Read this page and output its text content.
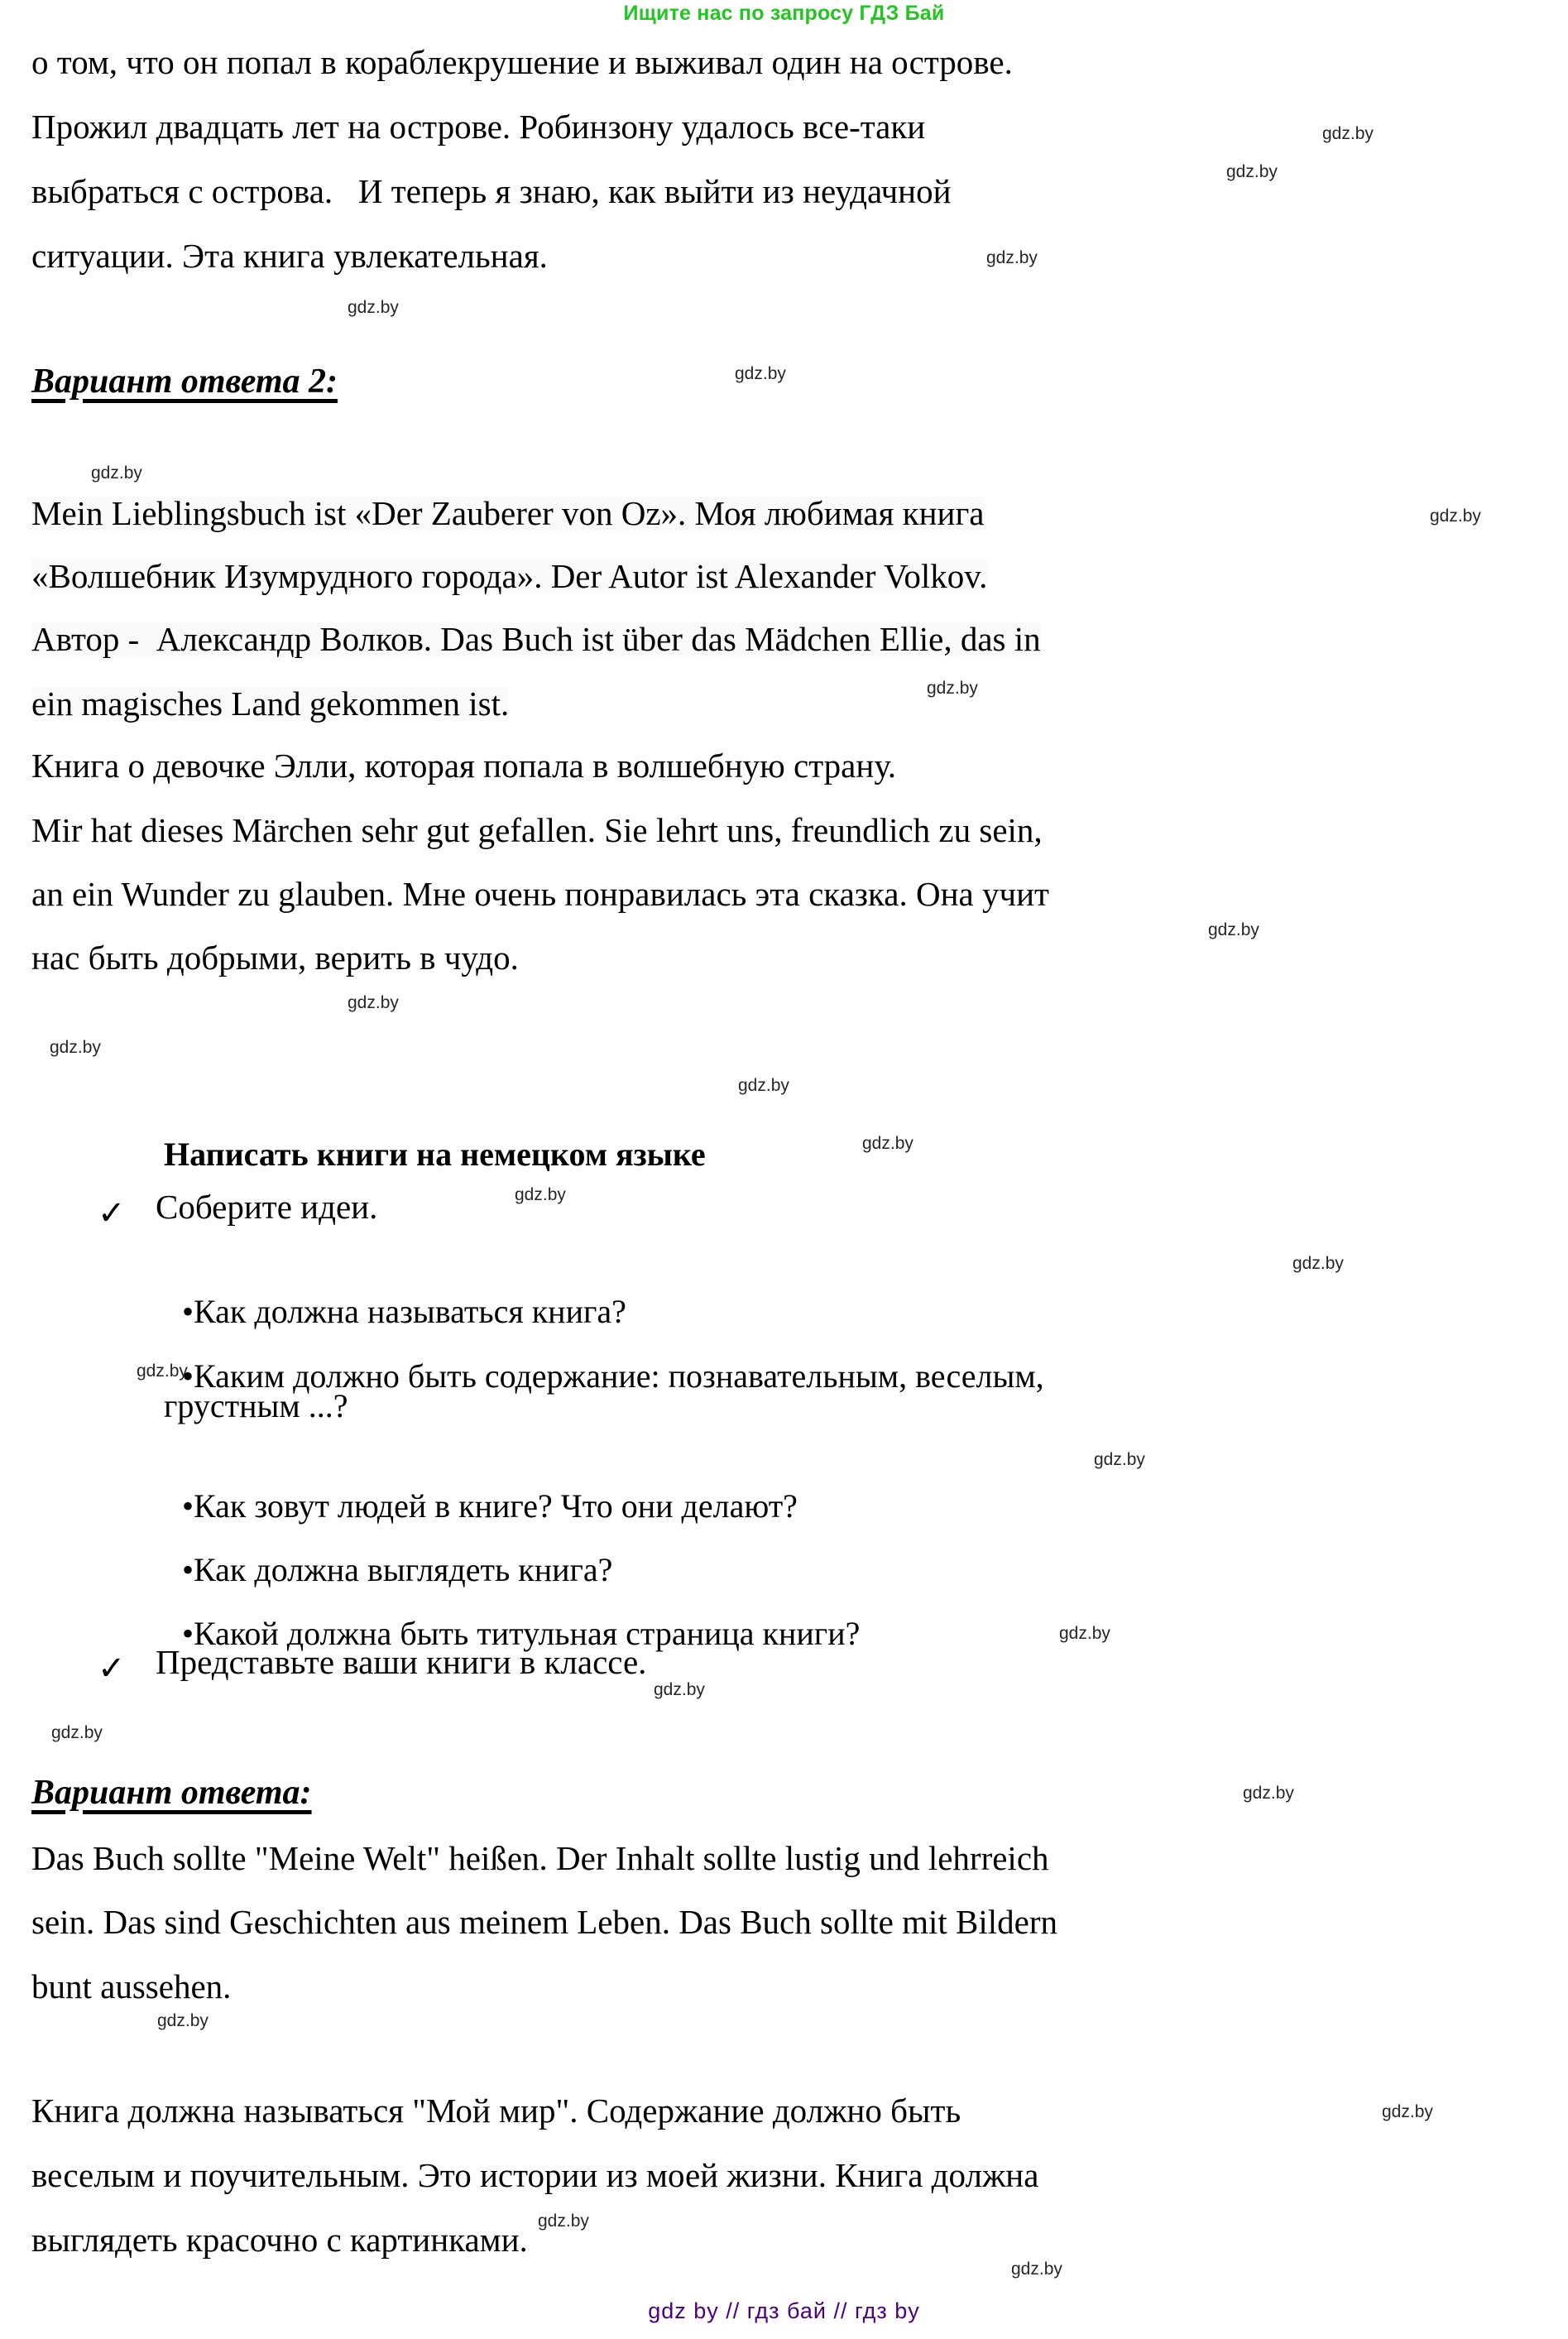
Ищите нас по запросу ГДЗ Бай
о том, что он попал в кораблекрушение и выживал один на острове.
Прожил двадцать лет на острове. Робинзону удалось все-таки
выбраться с острова.   И теперь я знаю, как выйти из неудачной
ситуации. Эта книга увлекательная.
Вариант ответа 2:
Mein Lieblingsbuch ist «Der Zauberer von Oz». Моя любимая книга
«Волшебник Изумрудного города». Der Autor ist Alexander Volkov.
Автор -  Александр Волков. Das Buch ist über das Mädchen Ellie, das in
ein magisches Land gekommen ist.
Книга о девочке Элли, которая попала в волшебную страну.
Mir hat dieses Märchen sehr gut gefallen. Sie lehrt uns, freundlich zu sein,
an ein Wunder zu glauben. Мне очень понравилась эта сказка. Она учит
нас быть добрыми, верить в чудо.
Написать книги на немецком языке
✓ Соберите идеи.

•Как должна называться книга?

•Каким должно быть содержание: познавательным, веселым,

грустным ...?

•Как зовут людей в книге? Что они делают?

•Как должна выглядеть книга?

•Какой должна быть титульная страница книги?

✓ Представьте ваши книги в классе.
Вариант ответа:
Das Buch sollte "Meine Welt" heißen. Der Inhalt sollte lustig und lehrreich
sein. Das sind Geschichten aus meinem Leben. Das Buch sollte mit Bildern
bunt aussehen.
Книга должна называться "Мой мир". Содержание должно быть
веселым и поучительным. Это истории из моей жизни. Книга должна
выглядеть красочно с картинками.
gdz.by
gdz.by
gdz.by
gdz.by
gdz.by
gdz.by
gdz.by
gdz.by
gdz.by
gdz.by
gdz.by
gdz.by
gdz.by
gdz.by
gdz.by
gdz.by
gdz.by
gdz.by
gdz.by
gdz.by
gdz.by
gdz.by
gdz.by
gdz.by
gdz.by
gdz by // гдз бай // гдз by
